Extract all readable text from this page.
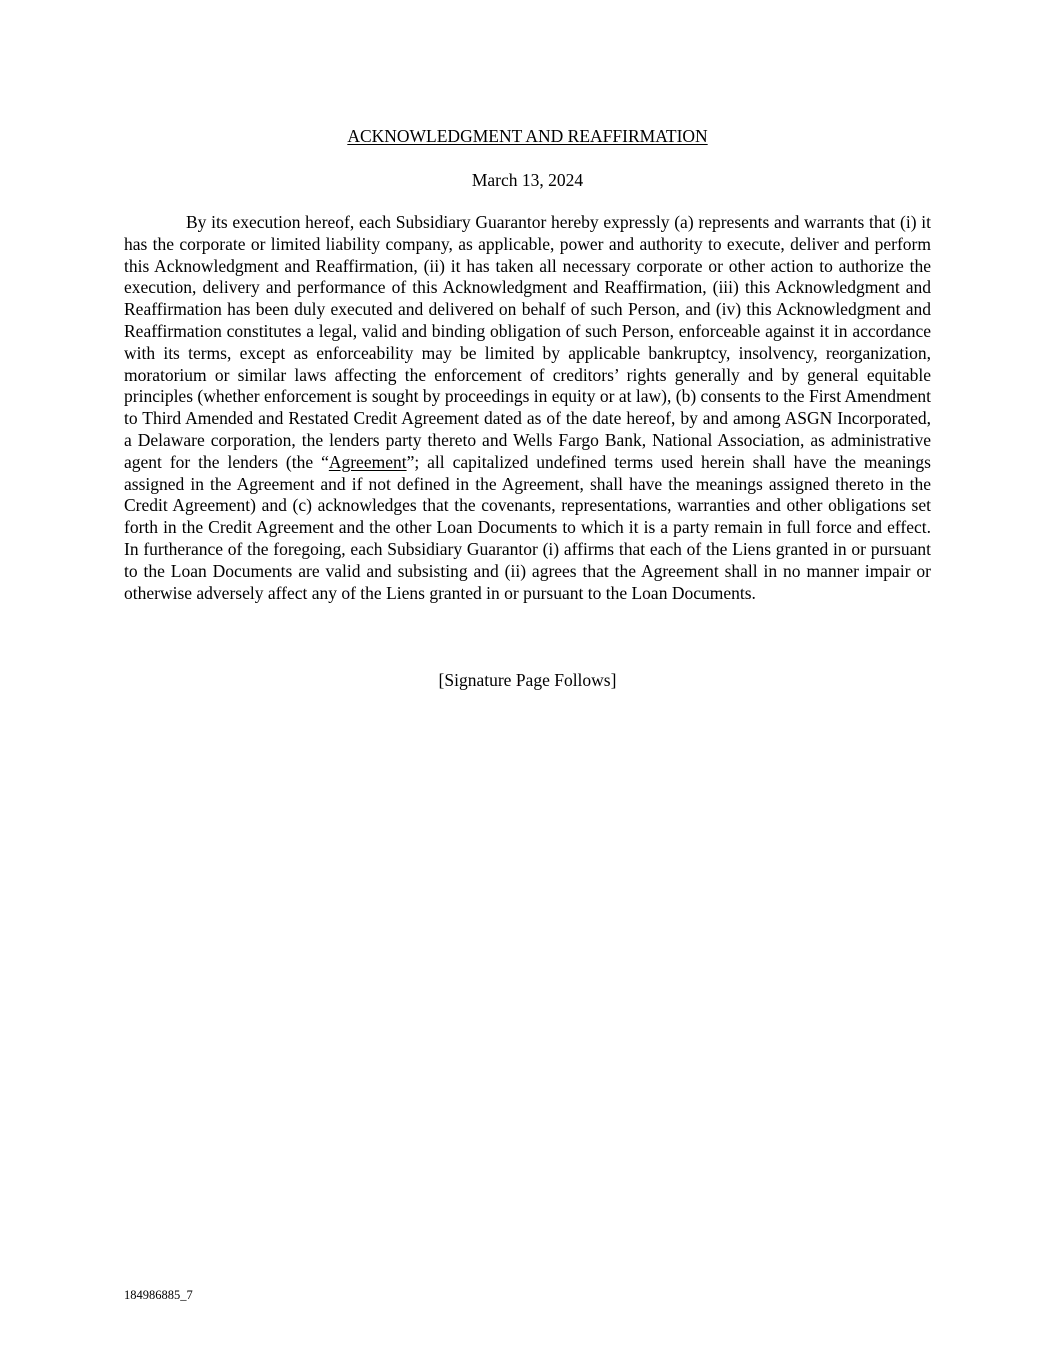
ACKNOWLEDGMENT AND REAFFIRMATION
March 13, 2024

By its execution hereof, each Subsidiary Guarantor hereby expressly (a) represents and warrants that (i) it has the corporate or limited liability company, as applicable, power and authority to execute, deliver and perform this Acknowledgment and Reaffirmation, (ii) it has taken all necessary corporate or other action to authorize the execution, delivery and performance of this Acknowledgment and Reaffirmation, (iii) this Acknowledgment and Reaffirmation has been duly executed and delivered on behalf of such Person, and (iv) this Acknowledgment and Reaffirmation constitutes a legal, valid and binding obligation of such Person, enforceable against it in accordance with its terms, except as enforceability may be limited by applicable bankruptcy, insolvency, reorganization, moratorium or similar laws affecting the enforcement of creditors’ rights generally and by general equitable principles (whether enforcement is sought by proceedings in equity or at law), (b) consents to the First Amendment to Third Amended and Restated Credit Agreement dated as of the date hereof, by and among ASGN Incorporated, a Delaware corporation, the lenders party thereto and Wells Fargo Bank, National Association, as administrative agent for the lenders (the “Agreement”; all capitalized undefined terms used herein shall have the meanings assigned in the Agreement and if not defined in the Agreement, shall have the meanings assigned thereto in the Credit Agreement) and (c) acknowledges that the covenants, representations, warranties and other obligations set forth in the Credit Agreement and the other Loan Documents to which it is a party remain in full force and effect. In furtherance of the foregoing, each Subsidiary Guarantor (i) affirms that each of the Liens granted in or pursuant to the Loan Documents are valid and subsisting and (ii) agrees that the Agreement shall in no manner impair or otherwise adversely affect any of the Liens granted in or pursuant to the Loan Documents.

[Signature Page Follows]
184986885_7
